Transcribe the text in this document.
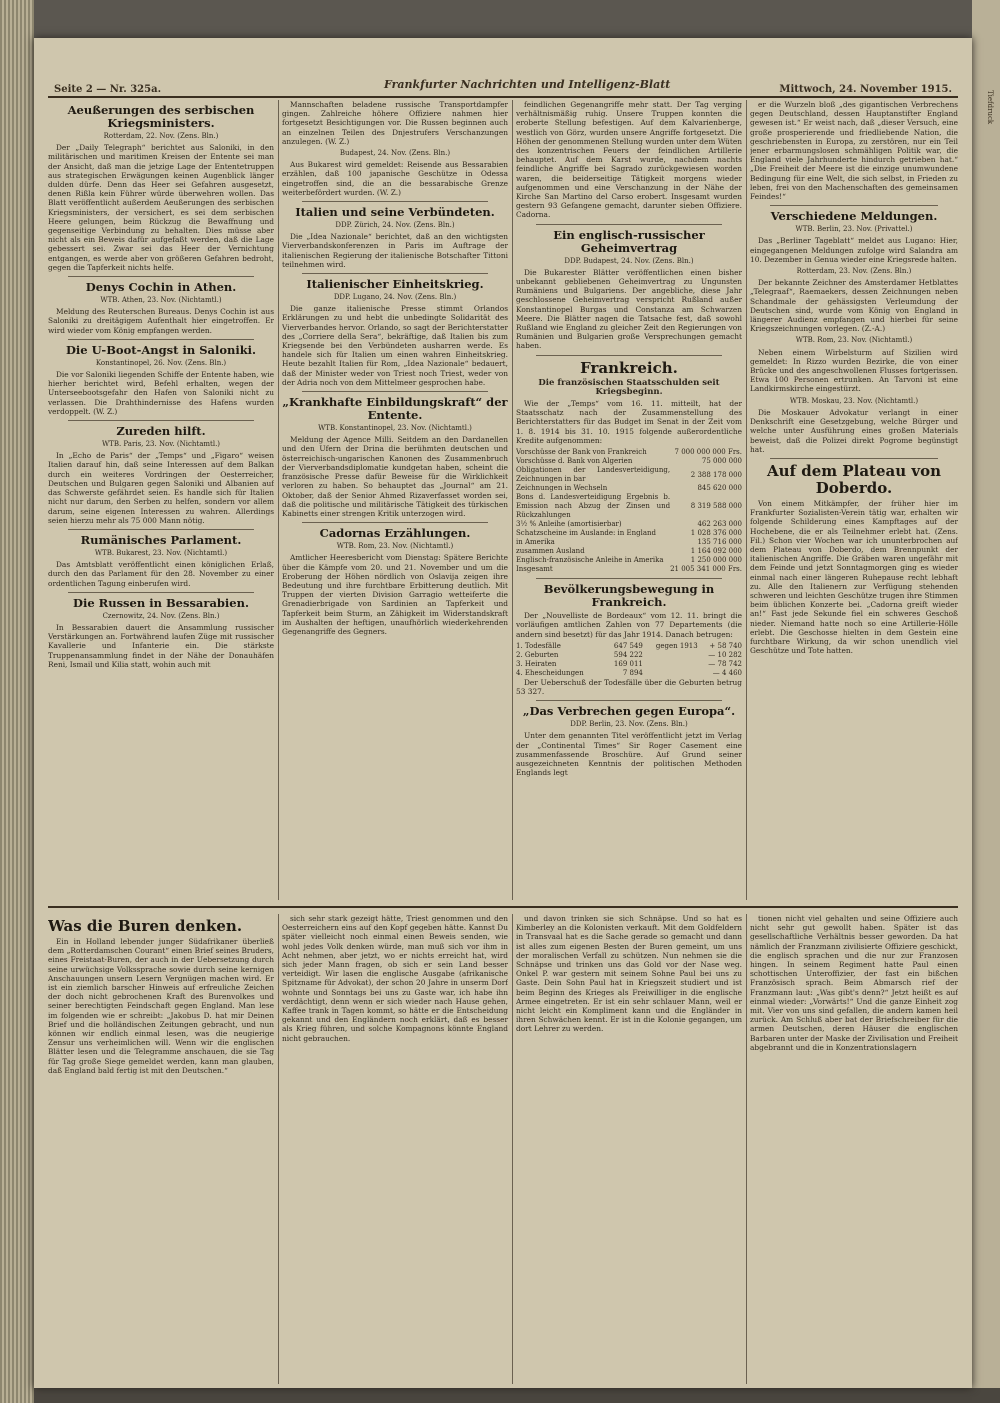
Seite 2 — Nr. 325a.	Frankfurter Nachrichten und Intelligenz-Blatt	Mittwoch, 24. November 1915.
Aeußerungen des serbischen Kriegsministers.
Rotterdam, 22. Nov. (Zens. Bln.)

Der „Daily Telegraph“ berichtet aus Saloniki, in den militärischen und maritimen Kreisen der Entente sei man der Ansicht, daß man die jetzige Lage der Ententetruppen aus strategischen Erwägungen keinen Augenblick länger dulden dürfe. Denn das Heer sei Gefahren ausgesetzt, denen Rißla kein Führer würde überwehren wollen. Das Blatt veröffentlicht außerdem Aeußerungen des serbischen Kriegsministers, der versichert, es sei dem serbischen Heere gelungen, beim Rückzug die Bewaffnung und gegenseitige Verbindung zu behalten. Dies müsse aber nicht als ein Beweis dafür aufgefaßt werden, daß die Lage gebessert sei. Zwar sei das Heer der Vernichtung entgangen, es werde aber von größeren Gefahren bedroht, gegen die Tapferkeit nichts helfe.

Denys Cochin in Athen.
WTB. Athen, 23. Nov. (Nichtamtl.)

Meldung des Reuterschen Bureaus. Denys Cochin ist aus Saloniki zu dreitägigem Aufenthalt hier eingetroffen. Er wird wieder vom König empfangen werden.

Die U-Boot-Angst in Saloniki.
Konstantinopel, 26. Nov. (Zens. Bln.)

Die vor Saloniki liegenden Schiffe der Entente haben, wie hierher berichtet wird, Befehl erhalten, wegen der Unterseebootsgefahr den Hafen von Saloniki nicht zu verlassen. Die Drahthindernisse des Hafens wurden verdoppelt. (W. Z.)

Zureden hilft.
WTB. Paris, 23. Nov. (Nichtamtl.)

In „Echo de Paris“ der „Temps“ und „Figaro“ weisen Italien darauf hin, daß seine Interessen auf dem Balkan durch ein weiteres Vordringen der Oesterreicher, Deutschen und Bulgaren gegen Saloniki und Albanien auf das Schwerste gefährdet seien. Es handle sich für Italien nicht nur darum, den Serben zu helfen, sondern vor allem darum, seine eigenen Interessen zu wahren. Allerdings seien hierzu mehr als 75 000 Mann nötig.

Rumänisches Parlament.
WTB. Bukarest, 23. Nov. (Nichtamtl.)

Das Amtsblatt veröffentlicht einen königlichen Erlaß, durch den das Parlament für den 28. November zu einer ordentlichen Tagung einberufen wird.

Die Russen in Bessarabien.
Czernowitz, 24. Nov. (Zens. Bln.)

In Bessarabien dauert die Ansammlung russischer Verstärkungen an. Fortwährend laufen Züge mit russischer Kavallerie und Infanterie ein. Die stärkste Truppenansammlung findet in der Nähe der Donauhäfen Reni, Ismail und Kilia statt, wohin auch mit

Mannschaften beladene russische Transportdampfer gingen. Zahlreiche höhere Offiziere nahmen hier fortgesetzt Besichtigungen vor. Die Russen beginnen auch an einzelnen Teilen des Dnjestrufers Verschanzungen anzulegen. (W. Z.)

Budapest, 24. Nov. (Zens. Bln.)

Aus Bukarest wird gemeldet: Reisende aus Bessarabien erzählen, daß 100 japanische Geschütze in Odessa eingetroffen sind, die an die bessarabische Grenze weiterbefördert wurden. (W. Z.)

Italien und seine Verbündeten.
DDP. Zürich, 24. Nov. (Zens. Bln.)

Die „Idea Nazionale“ berichtet, daß an den wichtigsten Vierverbandskonferenzen in Paris im Auftrage der italienischen Regierung der italienische Botschafter Tittoni teilnehmen wird.

Italienischer Einheitskrieg.
DDP. Lugano, 24. Nov. (Zens. Bln.)

Die ganze italienische Presse stimmt Orlandos Erklärungen zu und hebt die unbedingte Solidarität des Vierverbandes hervor. Orlando, so sagt der Berichterstatter des „Corriere della Sera“, bekräftige, daß Italien bis zum Kriegsende bei den Verbündeten ausharren werde. Es handele sich für Italien um einen wahren Einheitskrieg. Heute bezahlt Italien für Rom, „Idea Nazionale“ bedauert, daß der Minister weder von Triest noch Triest, weder von der Adria noch von dem Mittelmeer gesprochen habe.

„Krankhafte Einbildungskraft“ der Entente.
WTB. Konstantinopel, 23. Nov. (Nichtamtl.)

Meldung der Agence Milli. Seitdem an den Dardanellen und den Ufern der Drina die berühmten deutschen und österreichisch-ungarischen Kanonen des Zusammenbruch der Vierverbandsdiplomatie kundgetan haben, scheint die französische Presse dafür Beweise für die Wirklichkeit verloren zu haben. So behauptet das „Journal“ am 21. Oktober, daß der Senior Ahmed Rizaverfasset worden sei, daß die politische und militärische Tätigkeit des türkischen Kabinetts einer strengen Kritik unterzogen wird.

Cadornas Erzählungen.
WTB. Rom, 23. Nov. (Nichtamtl.)

Amtlicher Heeresbericht vom Dienstag: Spätere Berichte über die Kämpfe vom 20. und 21. November und um die Eroberung der Höhen nördlich von Oslavija zeigen ihre Bedeutung und ihre furchtbare Erbitterung deutlich. Mit Truppen der vierten Division Garragio wetteiferte die Grenadierbrigade von Sardinien an Tapferkeit und Tapferkeit beim Sturm, an Zähigkeit im Widerstandskraft im Aushalten der heftigen, unaufhörlich wiederkehrenden Gegenangriffe des Gegners.

feindlichen Gegenangriffe mehr statt. Der Tag verging verhältnismäßig ruhig. Unsere Truppen konnten die eroberte Stellung befestigen. Auf dem Kalvarienberge, westlich von Görz, wurden unsere Angriffe fortgesetzt. Die Höhen der genommenen Stellung wurden unter dem Wüten des konzentrischen Feuers der feindlichen Artillerie behauptet. Auf dem Karst wurde, nachdem nachts feindliche Angriffe bei Sagrado zurückgewiesen worden waren, die beiderseitige Tätigkeit morgens wieder aufgenommen und eine Verschanzung in der Nähe der Kirche San Martino del Carso erobert. Insgesamt wurden gestern 93 Gefangene gemacht, darunter sieben Offiziere. Cadorna.

Ein englisch-russischer Geheimvertrag
DDP. Budapest, 24. Nov. (Zens. Bln.)

Die Bukarester Blätter veröffentlichen einen bisher unbekannt gebliebenen Geheimvertrag zu Ungunsten Rumäniens und Bulgariens. Der angebliche, diese Jahr geschlossene Geheimvertrag verspricht Rußland außer Konstantinopel Burgas und Constanza am Schwarzen Meere. Die Blätter nagen die Tatsache fest, daß sowohl Rußland wie England zu gleicher Zeit den Regierungen von Rumänien und Bulgarien große Versprechungen gemacht haben.

Frankreich.
Die französischen Staatsschulden seit Kriegsbeginn.

Wie der „Temps“ vom 16. 11. mitteilt, hat der Staatsschatz nach der Zusammenstellung des Berichterstatters für das Budget im Senat in der Zeit vom 1. 8. 1914 bis 31. 10. 1915 folgende außerordentliche Kredite aufgenommen:

Vorschüsse der Bank von Frankreich	7 000 000 000 Frs.
Vorschüsse d. Bank von Algerien	75 000 000
Obligationen der Landesverteidigung, Zeichnungen in bar	2 388 178 000
Zeichnungen in Wechseln	845 620 000
Bons d. Landesverteidigung Ergebnis b. Emission nach Abzug der Zinsen und Rückzahlungen	8 319 588 000
3½ % Anleihe (amortisierbar)	462 263 000
Schatzscheine im Auslande: in England	1 028 376 000
in Amerika	135 716 000
zusammen Ausland	1 164 092 000
Englisch-französische Anleihe in Amerika	1 250 000 000
Insgesamt	21 005 341 000 Frs.
Bevölkerungsbewegung in Frankreich.

Der „Nouvelliste de Bordeaux“ vom 12. 11. bringt die vorläufigen amtlichen Zahlen von 77 Departements (die andern sind besetzt) für das Jahr 1914. Danach betrugen:

1. Todesfälle	647 549	gegen 1913	+ 58 740
2. Geburten	594 222		— 10 282
3. Heiraten	169 011		— 78 742
4. Ehescheidungen	7 894		— 4 460

Der Ueberschuß der Todesfälle über die Geburten betrug 53 327.

„Das Verbrechen gegen Europa“.
DDP. Berlin, 23. Nov. (Zens. Bln.)

Unter dem genannten Titel veröffentlicht jetzt im Verlag der „Continental Times“ Sir Roger Casement eine zusammenfassende Broschüre. Auf Grund seiner ausgezeichneten Kenntnis der politischen Methoden Englands legt

er die Wurzeln bloß „des gigantischen Verbrechens gegen Deutschland, dessen Hauptanstifter England gewesen ist.“ Er weist nach, daß „dieser Versuch, eine große prosperierende und friedliebende Nation, die geschriebensten in Europa, zu zerstören, nur ein Teil jener erbarmungslosen schmähligen Politik war, die England viele Jahrhunderte hindurch getrieben hat.“ „Die Freiheit der Meere ist die einzige unumwundene Bedingung für eine Welt, die sich selbst, in Frieden zu leben, frei von den Machenschaften des gemeinsamen Feindes!“

Verschiedene Meldungen.
WTB. Berlin, 23. Nov. (Privattel.)

Das „Berliner Tageblatt“ meldet aus Lugano: Hier, eingegangenen Meldungen zufolge wird Salandra am 10. Dezember in Genua wieder eine Kriegsrede halten.

Rotterdam, 23. Nov. (Zens. Bln.)

Der bekannte Zeichner des Amsterdamer Hetblattes „Telegraaf“, Raemaekers, dessen Zeichnungen neben Schandmale der gehässigsten Verleumdung der Deutschen sind, wurde vom König von England in längerer Audienz empfangen und hierbei für seine Kriegszeichnungen vorlegen. (Z.-A.)

WTB. Rom, 23. Nov. (Nichtamtl.)

Neben einem Wirbelsturm auf Sizilien wird gemeldet: In Rizzo wurden Bezirke, die von einer Brücke und des angeschwollenen Flusses fortgerissen. Etwa 100 Personen ertrunken. An Tarvoni ist eine Landkirmskirche eingestürzt.

WTB. Moskau, 23. Nov. (Nichtamtl.)

Die Moskauer Advokatur verlangt in einer Denkschrift eine Gesetzgebung, welche Bürger und welche unter Ausführung eines großen Materials beweist, daß die Polizei direkt Pogrome begünstigt hat.

Auf dem Plateau von Doberdo.

Von einem Mitkämpfer, der früher hier im Frankfurter Sozialisten-Verein tätig war, erhalten wir folgende Schilderung eines Kampftages auf der Hochebene, die er als Teilnehmer erlebt hat. (Zens. Fil.) Schon vier Wochen war ich ununterbrochen auf dem Plateau von Doberdo, dem Brennpunkt der italienischen Angriffe. Die Gräben waren ungefähr mit dem Feinde und jetzt Sonntagmorgen ging es wieder einmal nach einer längeren Ruhepause recht lebhaft zu. Alle den Italienern zur Verfügung stehenden schweren und leichten Geschütze trugen ihre Stimmen beim üblichen Konzerte bei. „Cadorna greift wieder an!“ Fast jede Sekunde fiel ein schweres Geschoß nieder. Niemand hatte noch so eine Artillerie-Hölle erlebt. Die Geschosse hielten in dem Gestein eine furchtbare Wirkung, da wir schon unendlich viel Geschütze und Tote hatten.

Was die Buren denken.

Ein in Holland lebender junger Südafrikaner überließ dem „Rotterdamschen Courant“ einen Brief seines Bruders, eines Freistaat-Buren, der auch in der Uebersetzung durch seine urwüchsige Volkssprache sowie durch seine kernigen Anschauungen unsern Lesern Vergnügen machen wird. Er ist ein ziemlich barscher Hinweis auf erfreuliche Zeichen der doch nicht gebrochenen Kraft des Burenvolkes und seiner berechtigten Feindschaft gegen England. Man lese im folgenden wie er schreibt: „Jakobus D. hat mir Deinen Brief und die holländischen Zeitungen gebracht, und nun können wir endlich einmal lesen, was die neugierige Zensur uns verheimlichen will. Wenn wir die englischen Blätter lesen und die Telegramme anschauen, die sie Tag für Tag große Siege gemeldet werden, kann man glauben, daß England bald fertig ist mit den Deutschen.“

sich sehr stark gezeigt hätte, Triest genommen und den Oesterreichern eins auf den Kopf gegeben hätte. Kannst Du später vielleicht noch einmal einen Beweis senden, wie wohl jedes Volk denken würde, man muß sich vor ihm in Acht nehmen, aber jetzt, wo er nichts erreicht hat, wird sich jeder Mann fragen, ob sich er sein Land besser verteidigt. Wir lasen die englische Ausgabe (afrikanische Spitzname für Advokat), der schon 20 Jahre in unserm Dorf wohnte und Sonntags bei uns zu Gaste war, ich habe ihn verdächtigt, denn wenn er sich wieder nach Hause gehen, Kaffee trank in Tagen kommt, so hätte er die Entscheidung gekannt und den Engländern noch erklärt, daß es besser als Krieg führen, und solche Kompagnons könnte England nicht gebrauchen.

und davon trinken sie sich Schnäpse. Und so hat es Kimberley an die Kolonisten verkauft. Mit dem Goldfeldern in Transvaal hat es die Sache gerade so gemacht und dann ist alles zum eigenen Besten der Buren gemeint, um uns der moralischen Verfall zu schützen. Nun nehmen sie die Schnäpse und trinken uns das Gold vor der Nase weg. Onkel P. war gestern mit seinem Sohne Paul bei uns zu Gaste. Dein Sohn Paul hat in Kriegszeit studiert und ist beim Beginn des Krieges als Freiwilliger in die englische Armee eingetreten. Er ist ein sehr schlauer Mann, weil er nicht leicht ein Kompliment kann und die Engländer in ihren Schwächen kennt. Er ist in die Kolonie gegangen, um dort Lehrer zu werden.

tionen nicht viel gehalten und seine Offiziere auch nicht sehr gut gewollt haben. Später ist das gesellschaftliche Verhältnis besser geworden. Da hat nämlich der Franzmann zivilisierte Offiziere geschickt, die englisch sprachen und die nur zur Franzosen hingen. In seinem Regiment hatte Paul einen schottischen Unteroffizier, der fast ein bißchen Französisch sprach. Beim Abmarsch rief der Franzmann laut: „Was gibt's denn?“ Jetzt heißt es auf einmal wieder: „Vorwärts!“ Und die ganze Einheit zog mit. Vier von uns sind gefallen, die andern kamen heil zurück. Am Schluß aber bat der Briefschreiber für die armen Deutschen, deren Häuser die englischen Barbaren unter der Maske der Zivilisation und Freiheit abgebrannt und die in Konzentrationslagern

Tiefdruck
